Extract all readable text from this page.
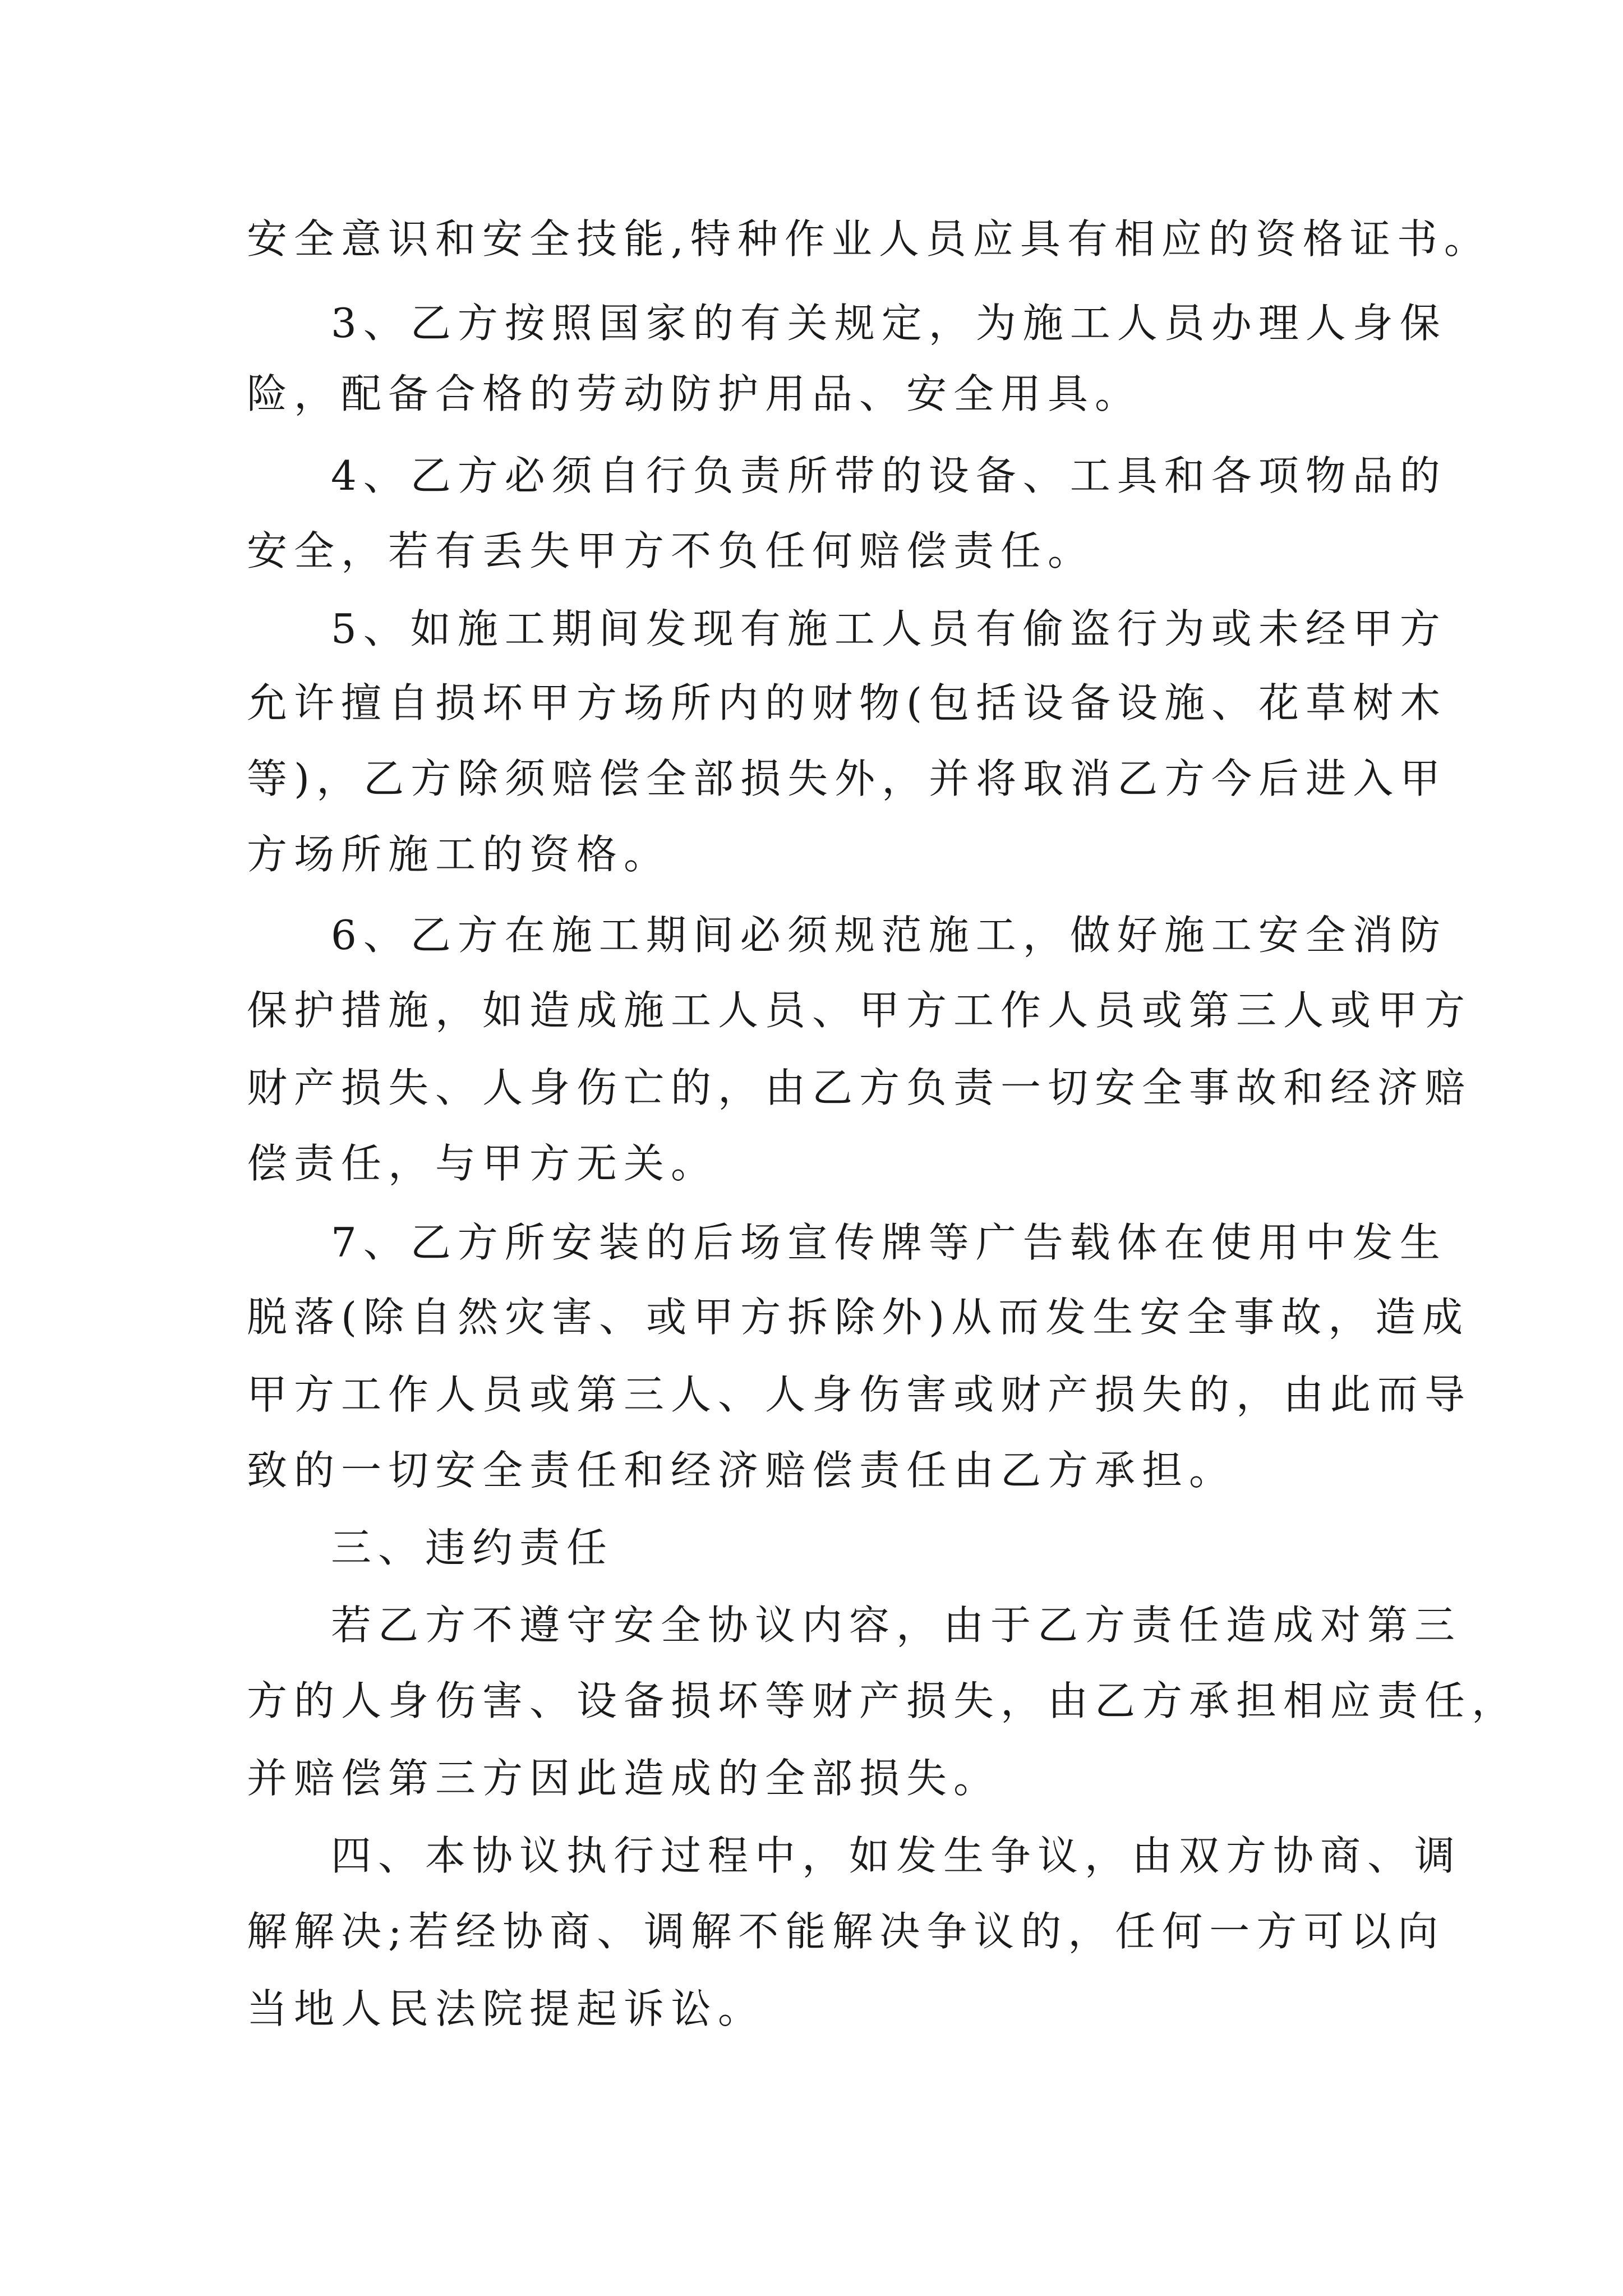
安全意识和安全技能,特种作业人员应具有相应的资格证书。
3、乙方按照国家的有关规定，为施工人员办理人身保
险，配备合格的劳动防护用品、安全用具。
4、乙方必须自行负责所带的设备、工具和各项物品的
安全，若有丢失甲方不负任何赔偿责任。
5、如施工期间发现有施工人员有偷盗行为或未经甲方
允许擅自损坏甲方场所内的财物(包括设备设施、花草树木
等)，乙方除须赔偿全部损失外，并将取消乙方今后进入甲
方场所施工的资格。
6、乙方在施工期间必须规范施工，做好施工安全消防
保护措施，如造成施工人员、甲方工作人员或第三人或甲方
财产损失、人身伤亡的，由乙方负责一切安全事故和经济赔
偿责任，与甲方无关。
7、乙方所安装的后场宣传牌等广告载体在使用中发生
脱落(除自然灾害、或甲方拆除外)从而发生安全事故，造成
甲方工作人员或第三人、人身伤害或财产损失的，由此而导
致的一切安全责任和经济赔偿责任由乙方承担。
三、违约责任
若乙方不遵守安全协议内容，由于乙方责任造成对第三
方的人身伤害、设备损坏等财产损失，由乙方承担相应责任，
并赔偿第三方因此造成的全部损失。
四、本协议执行过程中，如发生争议，由双方协商、调
解解决;若经协商、调解不能解决争议的，任何一方可以向
当地人民法院提起诉讼。
